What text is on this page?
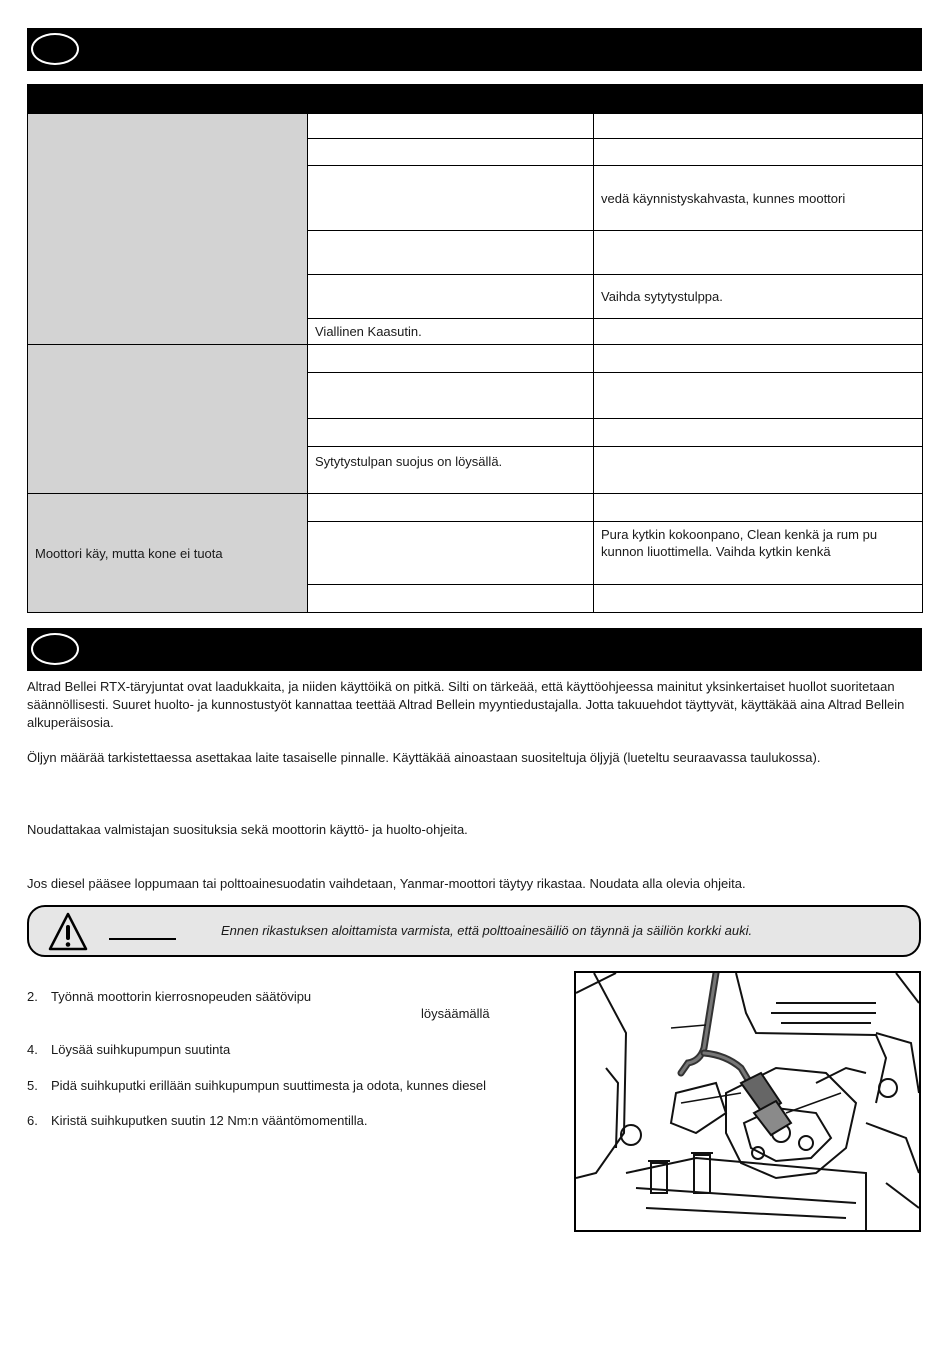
		vedä käynnistyskahvasta, kunnes moottori

		Vaihda sytytystulppa.
	Viallinen Kaasutin.	

	Sytytystulpan suojus on löysällä.	
Moottori käy, mutta kone ei tuota		
		Pura kytkin kokoonpano, Clean kenkä ja rum pu kunnon liuottimella. Vaihda kytkin kenkä

Altrad Bellei RTX-täryjuntat ovat laadukkaita, ja niiden käyttöikä on pitkä. Silti on tärkeää, että käyttöohjeessa mainitut yksinkertaiset huollot suoritetaan säännöllisesti. Suuret huolto- ja kunnostustyöt kannattaa teettää Altrad Bellein myyntiedustajalla. Jotta takuuehdot täyttyvät, käyttäkää aina Altrad Bellein alkuperäisosia.

Öljyn määrää tarkistettaessa asettakaa laite tasaiselle pinnalle. Käyttäkää ainoastaan suositeltuja öljyjä (lueteltu seuraavassa taulukossa).

Noudattakaa valmistajan suosituksia sekä moottorin käyttö- ja huolto-ohjeita.

Jos diesel pääsee loppumaan tai polttoainesuodatin vaihdetaan, Yanmar-moottori täytyy rikastaa. Noudata alla olevia ohjeita.

Ennen rikastuksen aloittamista varmista, että polttoainesäiliö on täynnä ja säiliön korkki auki.
2. Työnnä moottorin kierrosnopeuden säätövipu
4. Löysää suihkupumpun suutinta
5. Pidä suihkuputki erillään suihkupumpun suuttimesta ja odota, kunnes diesel
6. Kiristä suihkuputken suutin 12 Nm:n vääntömomentilla.
löysäämällä
